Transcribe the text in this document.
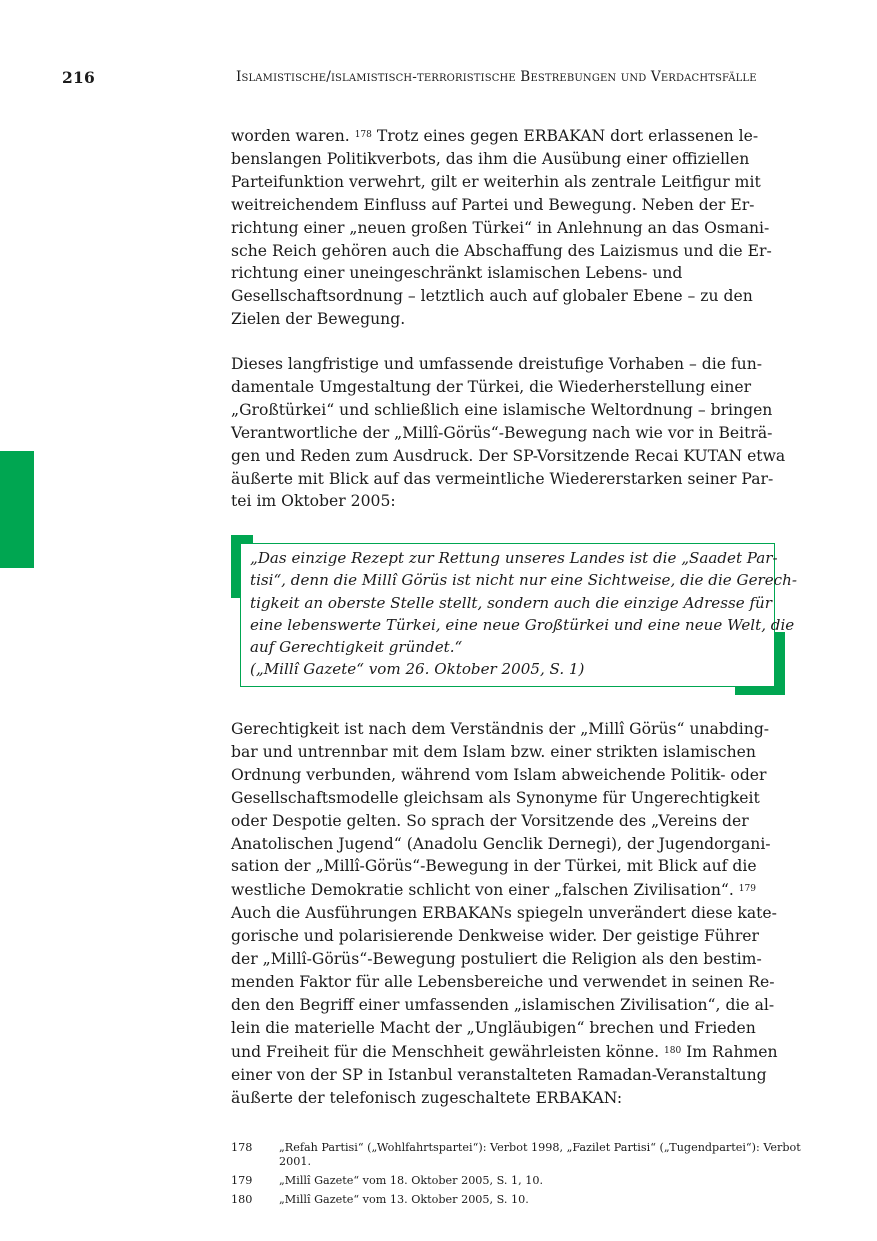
216	Islamistische/islamistisch-terroristische Bestrebungen und Verdachtsfälle
worden waren. $^{178}$ Trotz eines gegen ERBAKAN dort erlassenen le-
benslangen Politikverbots, das ihm die Ausübung einer offiziellen
Parteifunktion verwehrt, gilt er weiterhin als zentrale Leitfigur mit
weitreichendem Einfluss auf Partei und Bewegung. Neben der Er-
richtung einer „neuen großen Türkei“ in Anlehnung an das Osmani-
sche Reich gehören auch die Abschaffung des Laizismus und die Er-
richtung einer uneingeschränkt islamischen Lebens- und
Gesellschaftsordnung – letztlich auch auf globaler Ebene – zu den
Zielen der Bewegung.
Dieses langfristige und umfassende dreistufige Vorhaben – die fun-
damentale Umgestaltung der Türkei, die Wiederherstellung einer
„Großtürkei“ und schließlich eine islamische Weltordnung – bringen
Verantwortliche der „Millî-Görüs“-Bewegung nach wie vor in Beiträ-
gen und Reden zum Ausdruck. Der SP-Vorsitzende Recai KUTAN etwa
äußerte mit Blick auf das vermeintliche Wiedererstarken seiner Par-
tei im Oktober 2005:
„Das einzige Rezept zur Rettung unseres Landes ist die „Saadet Par-
tisi“, denn die Millî Görüs ist nicht nur eine Sichtweise, die die Gerech-
tigkeit an oberste Stelle stellt, sondern auch die einzige Adresse für
eine lebenswerte Türkei, eine neue Großtürkei und eine neue Welt, die
auf Gerechtigkeit gründet.“
(„Millî Gazete“ vom 26. Oktober 2005, S. 1)
Gerechtigkeit ist nach dem Verständnis der „Millî Görüs“ unabding-
bar und untrennbar mit dem Islam bzw. einer strikten islamischen
Ordnung verbunden, während vom Islam abweichende Politik- oder
Gesellschaftsmodelle gleichsam als Synonyme für Ungerechtigkeit
oder Despotie gelten. So sprach der Vorsitzende des „Vereins der
Anatolischen Jugend“ (Anadolu Genclik Dernegi), der Jugendorgani-
sation der „Millî-Görüs“-Bewegung in der Türkei, mit Blick auf die
westliche Demokratie schlicht von einer „falschen Zivilisation“. $^{179}$
Auch die Ausführungen ERBAKANs spiegeln unverändert diese kate-
gorische und polarisierende Denkweise wider. Der geistige Führer
der „Millî-Görüs“-Bewegung postuliert die Religion als den bestim-
menden Faktor für alle Lebensbereiche und verwendet in seinen Re-
den den Begriff einer umfassenden „islamischen Zivilisation“, die al-
lein die materielle Macht der „Ungläubigen“ brechen und Frieden
und Freiheit für die Menschheit gewährleisten könne. $^{180}$ Im Rahmen
einer von der SP in Istanbul veranstalteten Ramadan-Veranstaltung
äußerte der telefonisch zugeschaltete ERBAKAN:
178 „Refah Partisi“ („Wohlfahrtspartei“): Verbot 1998, „Fazilet Partisi“ („Tugendpartei“): Verbot
2001.
179 „Millî Gazete“ vom 18. Oktober 2005, S. 1, 10.
180 „Millî Gazete“ vom 13. Oktober 2005, S. 10.
